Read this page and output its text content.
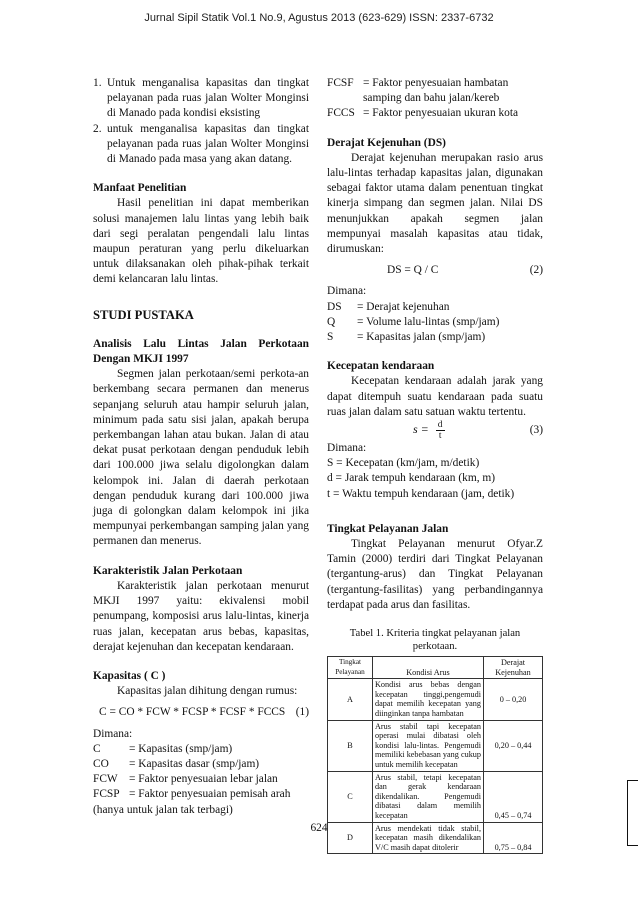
Jurnal Sipil Statik Vol.1 No.9, Agustus 2013 (623-629) ISSN: 2337-6732
1. Untuk menganalisa kapasitas dan tingkat pelayanan pada ruas jalan Wolter Monginsi di Manado pada kondisi eksisting
2. untuk menganalisa kapasitas dan tingkat pelayanan pada ruas jalan Wolter Monginsi di Manado pada masa yang akan datang.

Manfaat Penelitian

Hasil penelitian ini dapat memberikan solusi manajemen lalu lintas yang lebih baik dari segi peralatan pengendali lalu lintas maupun peraturan yang perlu dikeluarkan untuk dilaksanakan oleh pihak-pihak terkait demi kelancaran lalu lintas.

STUDI PUSTAKA

Analisis Lalu Lintas Jalan Perkotaan Dengan MKJI 1997

Segmen jalan perkotaan/semi perkota-an berkembang secara permanen dan menerus sepanjang seluruh atau hampir seluruh jalan, minimum pada satu sisi jalan, apakah berupa perkembangan lahan atau bukan. Jalan di atau dekat pusat perkotaan dengan penduduk lebih dari 100.000 jiwa selalu digolongkan dalam kelompok ini. Jalan di daerah perkotaan dengan penduduk kurang dari 100.000 jiwa juga di golongkan dalam kelompok ini jika mempunyai perkembangan samping jalan yang permanen dan menerus.

Karakteristik Jalan Perkotaan

Karakteristik jalan perkotaan menurut MKJI 1997 yaitu: ekivalensi mobil penumpang, komposisi arus lalu-lintas, kinerja ruas jalan, kecepatan arus bebas, kapasitas, derajat kejenuhan dan kecepatan kendaraan.

Kapasitas ( C )

Kapasitas jalan dihitung dengan rumus:

C = CO * FCW * FCSP * FCSF * FCCS (1)

Dimana:

C	= Kapasitas (smp/jam)
CO	= Kapasitas dasar (smp/jam)
FCW = Faktor penyesuaian lebar jalan
FCSP = Faktor penyesuaian pemisah arah

(hanya untuk jalan tak terbagi)

FCSF = Faktor penyesuaian hambatan samping dan bahu jalan/kereb
FCCS = Faktor penyesuaian ukuran kota

Derajat Kejenuhan (DS)

Derajat kejenuhan merupakan rasio arus lalu-lintas terhadap kapasitas jalan, digunakan sebagai faktor utama dalam penentuan tingkat kinerja simpang dan segmen jalan. Nilai DS menunjukkan apakah segmen jalan mempunyai masalah kapasitas atau tidak, dirumuskan:

DS = Q / C	(2)

Dimana:

DS	= Derajat kejenuhan
Q	= Volume lalu-lintas (smp/jam)
S	= Kapasitas jalan (smp/jam)

Kecepatan kendaraan

Kecepatan kendaraan adalah jarak yang dapat ditempuh suatu kendaraan pada suatu ruas jalan dalam satu satuan waktu tertentu.

$s = \frac{d}{t}$	(3)

Dimana:

S = Kecepatan (km/jam, m/detik)

d = Jarak tempuh kendaraan (km, m)

t = Waktu tempuh kendaraan (jam, detik)

Tingkat Pelayanan Jalan

Tingkat Pelayanan menurut Ofyar.Z Tamin (2000) terdiri dari Tingkat Pelayanan (tergantung-arus) dan Tingkat Pelayanan (tergantung-fasilitas) yang perbandingannya terdapat pada arus dan fasilitas.

Tabel 1. Kriteria tingkat pelayanan jalan
perkotaan.

Tingkat Pelayanan	Kondisi Arus	Derajat Kejenuhan
A	Kondisi arus bebas dengan kecepatan tinggi,pengemudi dapat memilih kecepatan yang diinginkan tanpa hambatan	0 – 0,20
B	Arus stabil tapi kecepatan operasi mulai dibatasi oleh kondisi lalu-lintas. Pengemudi memiliki kebebasan yang cukup untuk memilih kecepatan	0,20 – 0,44
C	Arus stabil, tetapi kecepatan dan gerak kendaraan dikendalikan. Pengemudi dibatasi dalam memilih kecepatan	0,45 – 0,74
D	Arus mendekati tidak stabil, kecepatan masih dikendalikan V/C masih dapat ditolerir	0,75 – 0,84
624
